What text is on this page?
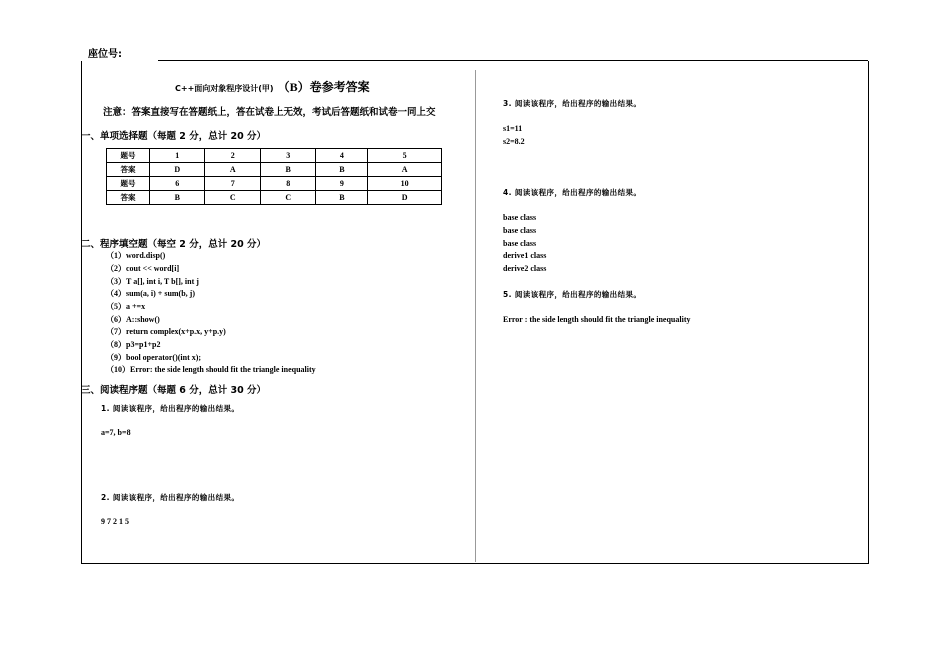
座位号:
C++面向对象程序设计(甲) （B）卷参考答案
注意：答案直接写在答题纸上，答在试卷上无效，考试后答题纸和试卷一同上交
一、单项选择题（每题 2 分，总计 20 分）
题号	1	2	3	4	5
答案	D	A	B	B	A
题号	6	7	8	9	10
答案	B	C	C	B	D
二、程序填空题（每空 2 分，总计 20 分）
（1）word.disp()
（2）cout << word[i]
（3）T a[], int i, T b[], int j
（4）sum(a, i) + sum(b, j)
（5）a +=x
（6）A::show()
（7）return complex(x+p.x, y+p.y)
（8）p3=p1+p2
（9）bool operator()(int x);
（10）Error: the side length should fit the triangle inequality
三、阅读程序题（每题 6 分，总计 30 分）
1. 阅读该程序，给出程序的输出结果。
a=7, b=8
2. 阅读该程序，给出程序的输出结果。
9 7 2 1 5
3. 阅读该程序，给出程序的输出结果。
s1=11
s2=8.2
4. 阅读该程序，给出程序的输出结果。
base class
base class
base class
derive1 class
derive2 class
5. 阅读该程序，给出程序的输出结果。
Error : the side length should fit the triangle inequality
